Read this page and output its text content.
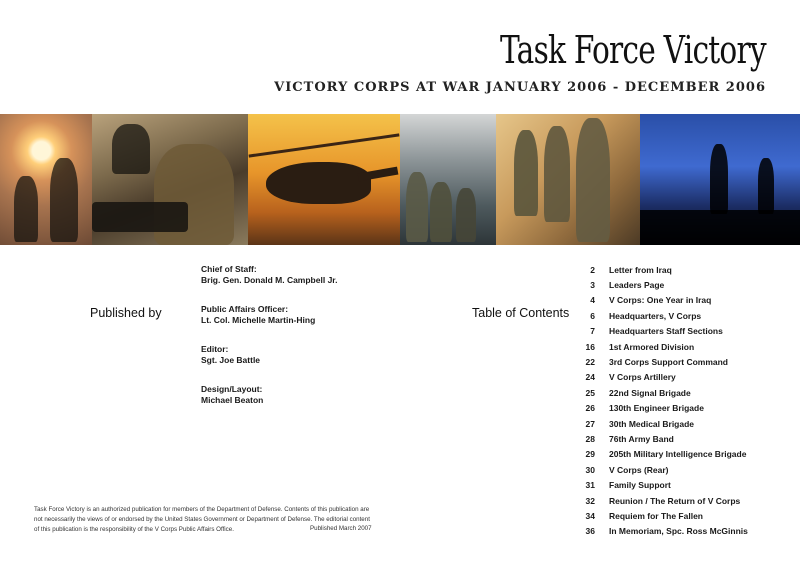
Task Force Victory
VICTORY CORPS AT WAR JANUARY 2006 - DECEMBER 2006
Published by
Chief of Staff:
Brig. Gen. Donald M. Campbell Jr.
Public Affairs Officer:
Lt. Col. Michelle Martin-Hing
Editor:
Sgt. Joe Battle
Design/Layout:
Michael Beaton
Table of Contents
2 Letter from Iraq
3 Leaders Page
4 V Corps: One Year in Iraq
6 Headquarters, V Corps
7 Headquarters Staff Sections
16 1st Armored Division
22 3rd Corps Support Command
24 V Corps Artillery
25 22nd Signal Brigade
26 130th Engineer Brigade
27 30th Medical Brigade
28 76th Army Band
29 205th Military Intelligence Brigade
30 V Corps (Rear)
31 Family Support
32 Reunion / The Return of V Corps
34 Requiem for The Fallen
36 In Memoriam, Spc. Ross McGinnis
Task Force Victory is an authorized publication for members of the Department of Defense. Contents of this publication are not necessarily the views of or endorsed by the United States Government or Department of Defense. The editorial content of this publication is the responsibility of the V Corps Public Affairs Office.	Published March 2007
